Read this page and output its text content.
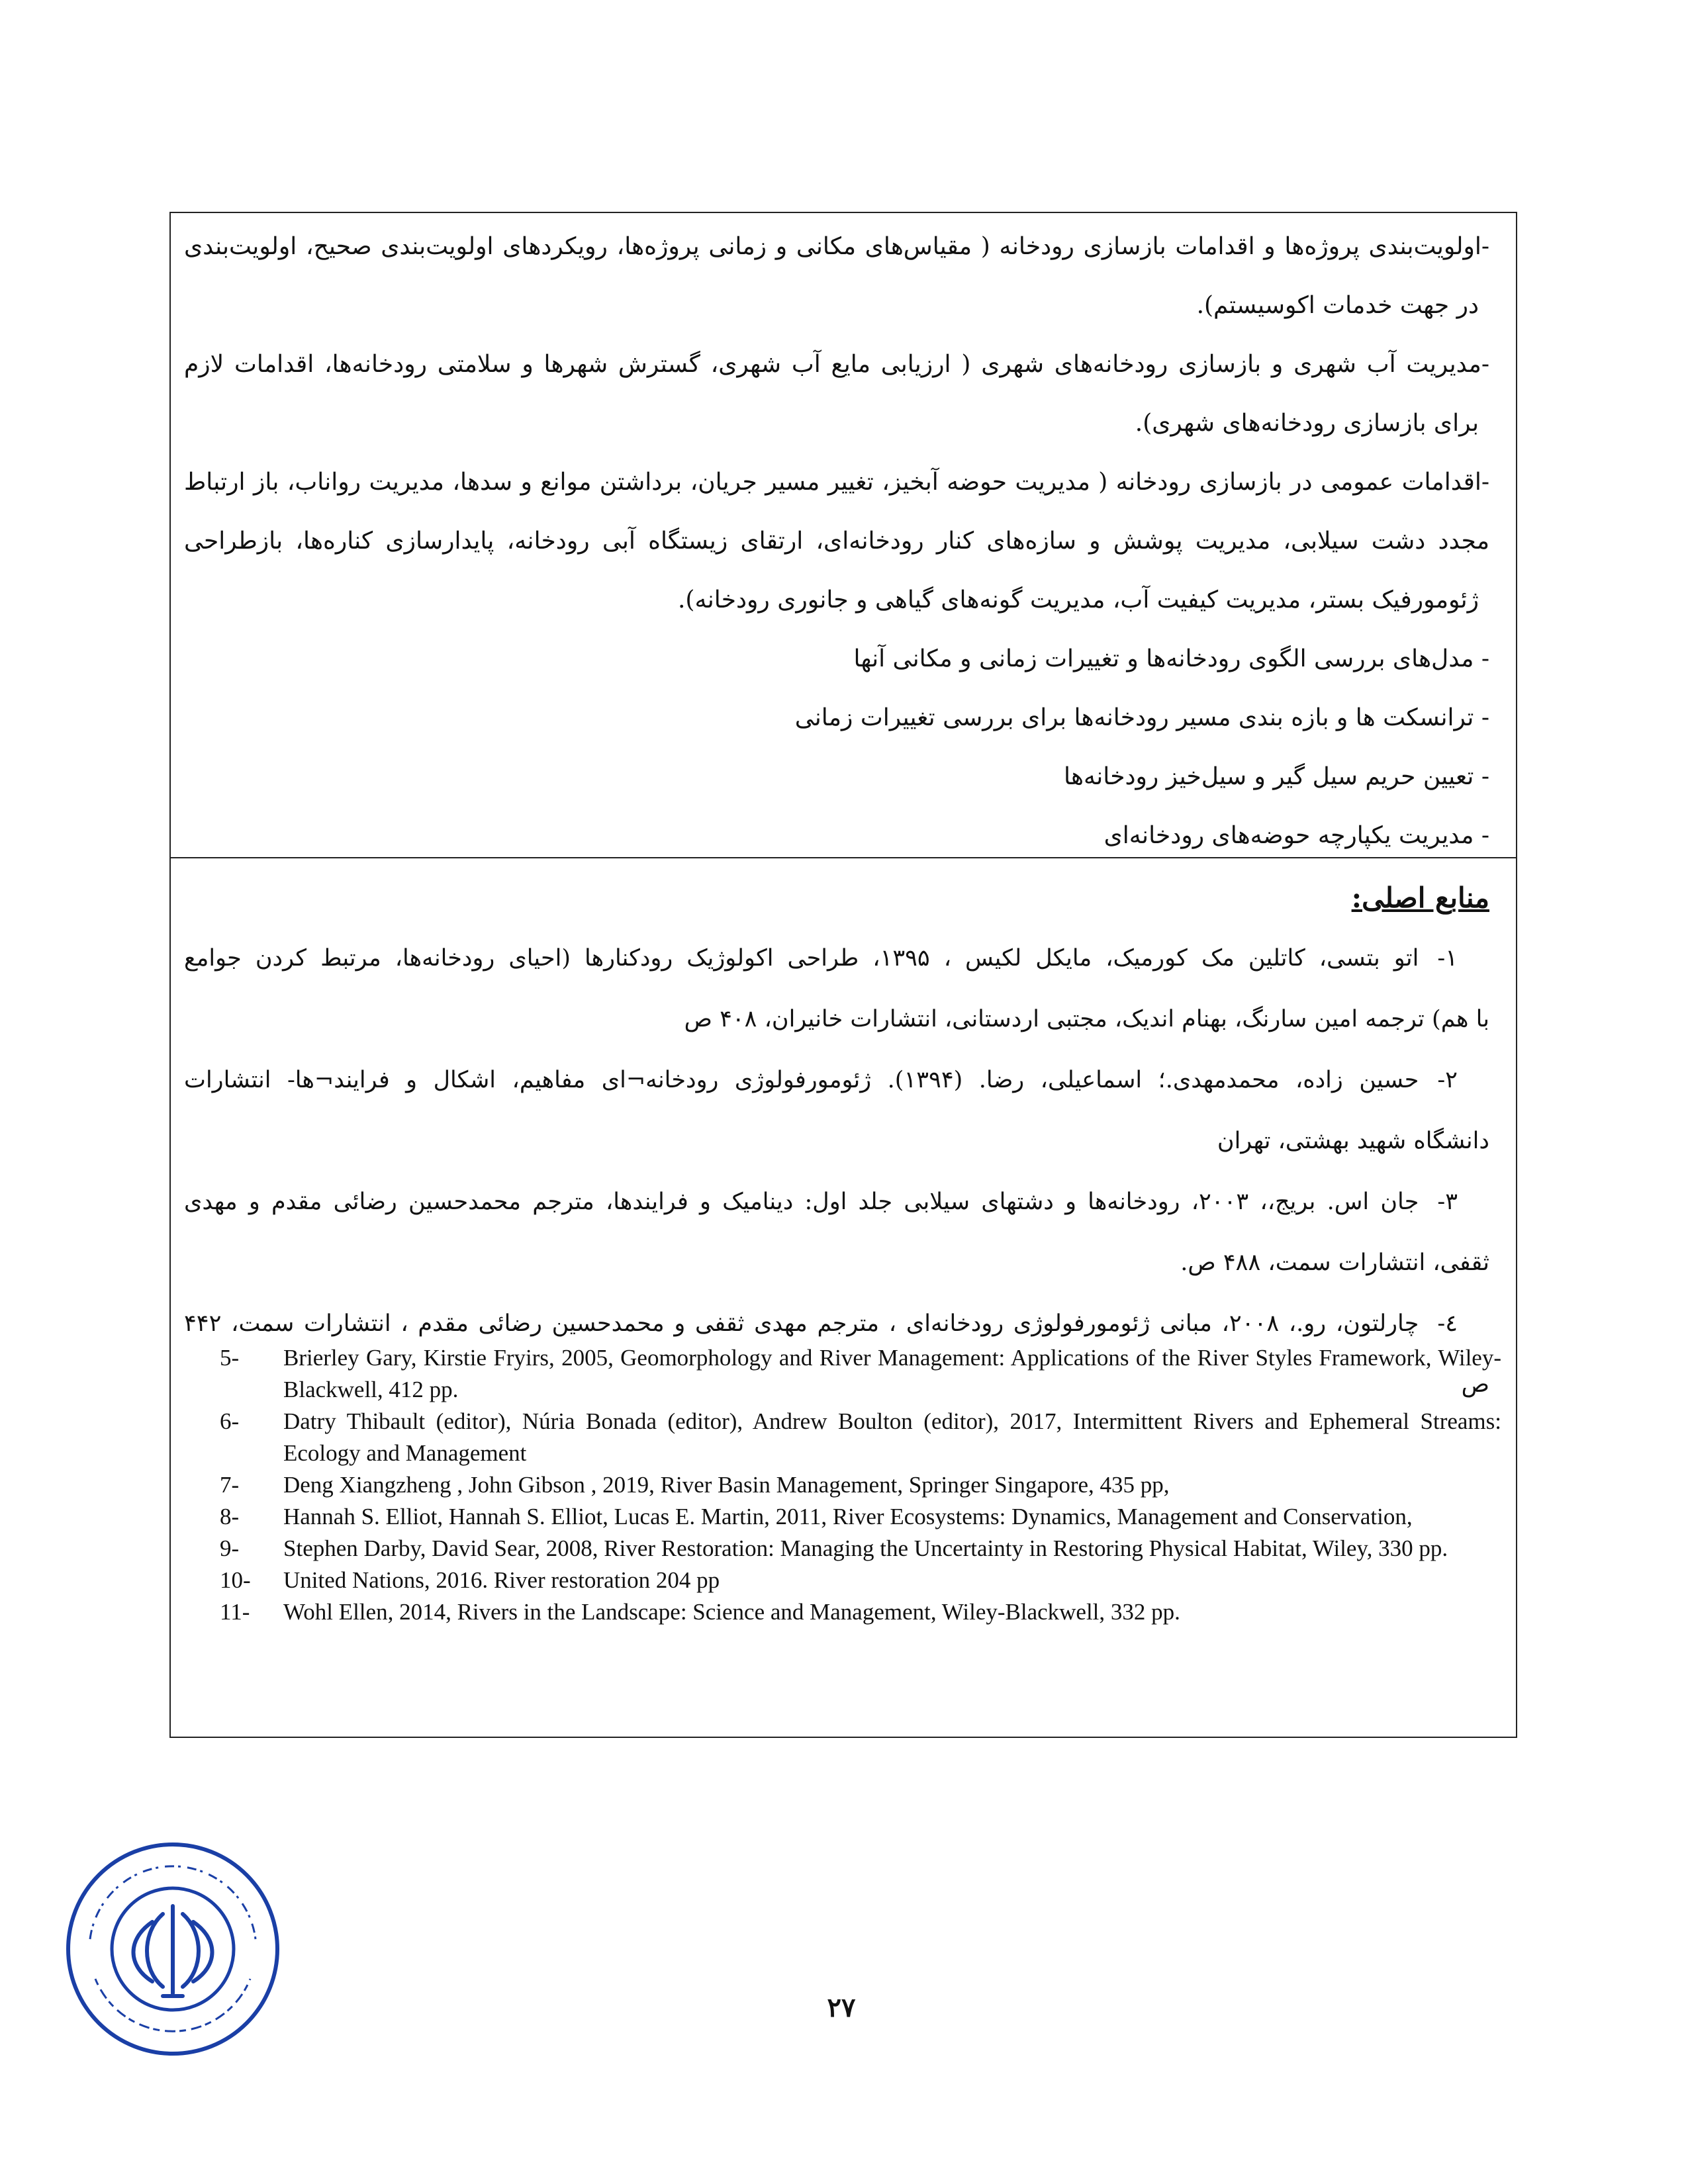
-اولویت‌بندی پروژه‌ها و اقدامات بازسازی رودخانه ( مقیاس‌های مکانی و زمانی پروژه‌ها، رویکردهای اولویت‌بندی صحیح، اولویت‌بندی
در جهت خدمات اکوسیستم).
-مدیریت آب شهری و بازسازی رودخانه‌های شهری ( ارزیابی مایع آب شهری، گسترش شهرها و سلامتی رودخانه‌ها، اقدامات لازم
برای بازسازی رودخانه‌های شهری).
-اقدامات عمومی در بازسازی رودخانه ( مدیریت حوضه آبخیز، تغییر مسیر جریان، برداشتن موانع و سدها، مدیریت رواناب، باز ارتباط
مجدد دشت سیلابی، مدیریت پوشش و سازه‌های کنار رودخانه‌ای، ارتقای زیستگاه آبی رودخانه، پایدارسازی کناره‌ها، بازطراحی
ژئومورفیک بستر، مدیریت کیفیت آب، مدیریت گونه‌های گیاهی و جانوری رودخانه).
- مدل‌های بررسی الگوی رودخانه‌ها و تغییرات زمانی و مکانی آنها
- ترانسکت ها و بازه بندی مسیر رودخانه‌ها برای بررسی تغییرات زمانی
- تعیین حریم سیل گیر و سیل‌خیز رودخانه‌ها
- مدیریت یکپارچه حوضه‌های رودخانه‌ای
منابع اصلی:
۱-اتو بتسی، کاتلین مک کورمیک، مایکل لکیس ، ۱۳۹۵، طراحی اکولوژیک رودکنارها (احیای رودخانه‌ها، مرتبط کردن جوامع
با هم) ترجمه امین سارنگ، بهنام اندیک، مجتبی اردستانی، انتشارات خانیران، ۴۰۸ ص
۲-حسین زاده، محمدمهدی.؛ اسماعیلی، رضا. (۱۳۹۴). ژئومورفولوژی رودخانه¬ای مفاهیم، اشکال و فرایند¬ها- انتشارات
دانشگاه شهید بهشتی، تهران
۳-جان اس. بریج،، ۲۰۰۳، رودخانه‌ها و دشتهای سیلابی جلد اول: دینامیک و فرایندها، مترجم محمدحسین رضائی مقدم و مهدی
ثقفی، انتشارات سمت، ۴۸۸ ص.
٤-چارلتون، رو.، ۲۰۰۸، مبانی ژئومورفولوژی رودخانه‌ای ، مترجم مهدی ثقفی و محمدحسین رضائی مقدم ، انتشارات سمت، ۴۴۲
ص
5-	Brierley Gary, Kirstie Fryirs, 2005, Geomorphology and River Management: Applications of the River Styles Framework, Wiley-Blackwell, 412 pp.
6-	Datry Thibault (editor), Núria Bonada (editor), Andrew Boulton (editor), 2017, Intermittent Rivers and Ephemeral Streams: Ecology and Management
7-	Deng Xiangzheng , John Gibson , 2019, River Basin Management, Springer Singapore, 435 pp,
8-	Hannah S. Elliot, Hannah S. Elliot, Lucas E. Martin, 2011, River Ecosystems: Dynamics, Management and Conservation,
9-	Stephen Darby, David Sear, 2008, River Restoration: Managing the Uncertainty in Restoring Physical Habitat, Wiley, 330 pp.
10-	United Nations, 2016. River restoration 204 pp
11-	Wohl Ellen, 2014, Rivers in the Landscape: Science and Management, Wiley-Blackwell, 332 pp.
۲۷
